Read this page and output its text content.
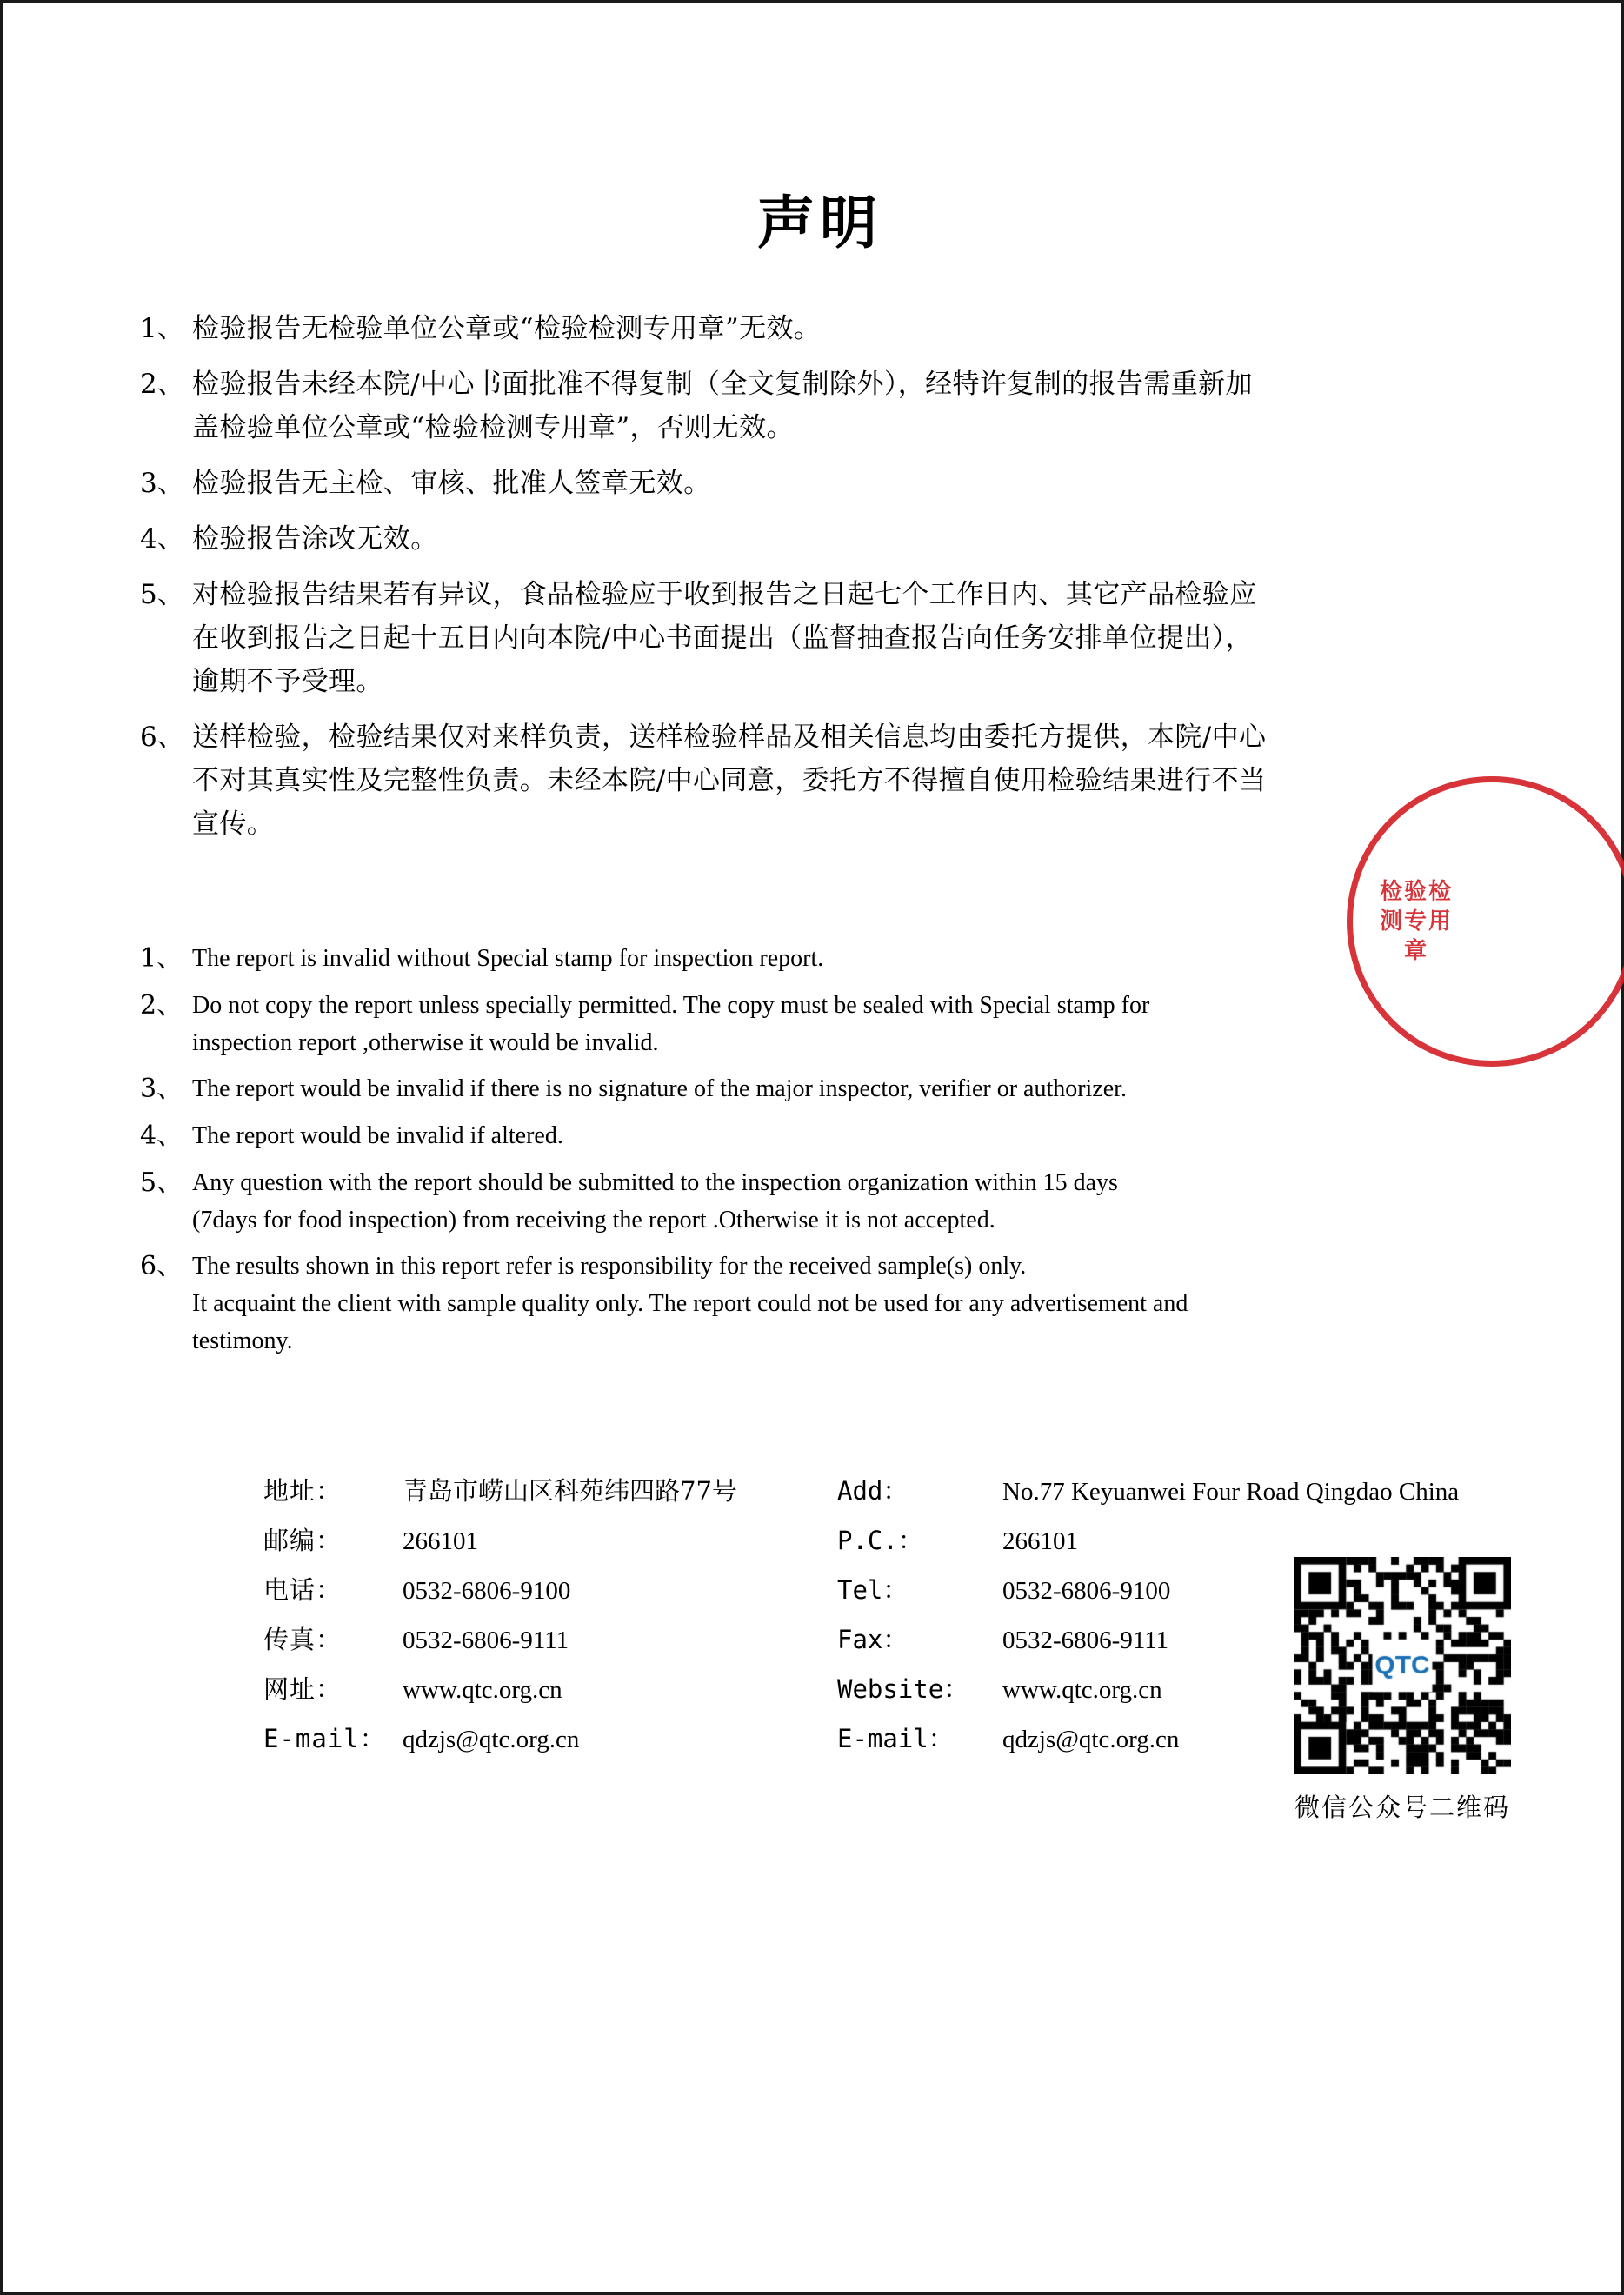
声明
1、 检验报告无检验单位公章或“检验检测专用章”无效。
2、 检验报告未经本院/中心书面批准不得复制（全文复制除外），经特许复制的报告需重新加
盖检验单位公章或“检验检测专用章”，否则无效。
3、 检验报告无主检、审核、批准人签章无效。
4、 检验报告涂改无效。
5、 对检验报告结果若有异议，食品检验应于收到报告之日起七个工作日内、其它产品检验应
在收到报告之日起十五日内向本院/中心书面提出（监督抽查报告向任务安排单位提出），
逾期不予受理。
6、 送样检验，检验结果仅对来样负责，送样检验样品及相关信息均由委托方提供，本院/中心
不对其真实性及完整性负责。未经本院/中心同意，委托方不得擅自使用检验结果进行不当
宣传。
1、 The report is invalid without Special stamp for inspection report.
2、 Do not copy the report unless specially permitted. The copy must be sealed with Special stamp for
inspection report ,otherwise it would be invalid.
3、 The report would be invalid if there is no signature of the major inspector, verifier or authorizer.
4、 The report would be invalid if altered.
5、 Any question with the report should be submitted to the inspection organization within 15 days
(7days for food inspection) from receiving the report .Otherwise it is not accepted.
6、 The results shown in this report refer is responsibility for the received sample(s) only.
It acquaint the client with sample quality only. The report could not be used for any advertisement and
testimony.
地址：	青岛市崂山区科苑纬四路77号	Add：	No.77 Keyuanwei Four Road Qingdao China
邮编：	266101	P.C.：	266101
电话：	0532-6806-9100	Tel：	0532-6806-9100
传真：	0532-6806-9111	Fax：	0532-6806-9111
网址：	www.qtc.org.cn	Website：	www.qtc.org.cn
E-mail： qdzjs@qtc.org.cn	E-mail：	qdzjs@qtc.org.cn
微信公众号二维码
检验检测专用章
